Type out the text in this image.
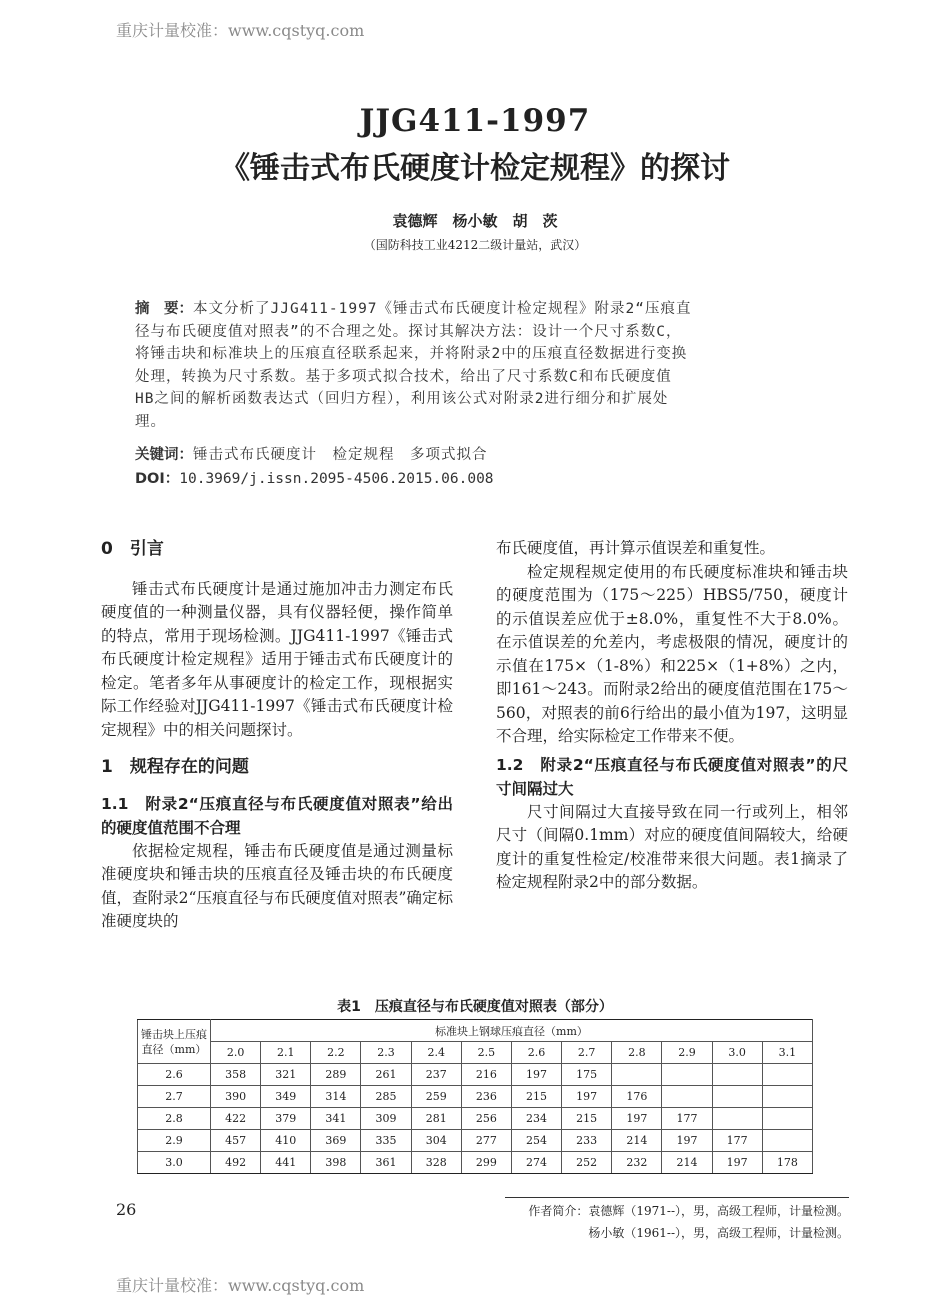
重庆计量校准：www.cqstyq.com
JJG411-1997
《锤击式布氏硬度计检定规程》的探讨
袁德辉　杨小敏　胡　茨
（国防科技工业4212二级计量站，武汉）
摘　要：本文分析了JJG411-1997《锤击式布氏硬度计检定规程》附录2“压痕直
径与布氏硬度值对照表”的不合理之处。探讨其解决方法：设计一个尺寸系数C，
将锤击块和标准块上的压痕直径联系起来，并将附录2中的压痕直径数据进行变换
处理，转换为尺寸系数。基于多项式拟合技术，给出了尺寸系数C和布氏硬度值
HB之间的解析函数表达式（回归方程），利用该公式对附录2进行细分和扩展处
理。
关键词：锤击式布氏硬度计　检定规程　多项式拟合
DOI：10.3969/j.issn.2095-4506.2015.06.008

0　引言

锤击式布氏硬度计是通过施加冲击力测定布氏硬度值的一种测量仪器，具有仪器轻便，操作简单的特点，常用于现场检测。JJG411-1997《锤击式布氏硬度计检定规程》适用于锤击式布氏硬度计的检定。笔者多年从事硬度计的检定工作，现根据实际工作经验对JJG411-1997《锤击式布氏硬度计检定规程》中的相关问题探讨。

1　规程存在的问题

1.1　附录2“压痕直径与布氏硬度值对照表”给出的硬度值范围不合理

依据检定规程，锤击布氏硬度值是通过测量标准硬度块和锤击块的压痕直径及锤击块的布氏硬度值，查附录2“压痕直径与布氏硬度值对照表”确定标准硬度块的

布氏硬度值，再计算示值误差和重复性。

检定规程规定使用的布氏硬度标准块和锤击块的硬度范围为（175～225）HBS5/750，硬度计的示值误差应优于±8.0%，重复性不大于8.0%。在示值误差的允差内，考虑极限的情况，硬度计的示值在175×（1-8%）和225×（1+8%）之内，即161～243。而附录2给出的硬度值范围在175～560，对照表的前6行给出的最小值为197，这明显不合理，给实际检定工作带来不便。

1.2　附录2“压痕直径与布氏硬度值对照表”的尺寸间隔过大

尺寸间隔过大直接导致在同一行或列上，相邻尺寸（间隔0.1mm）对应的硬度值间隔较大，给硬度计的重复性检定/校准带来很大问题。表1摘录了检定规程附录2中的部分数据。

表1　压痕直径与布氏硬度值对照表（部分）
锤击块上压痕直径（mm）	标准块上钢球压痕直径（mm）											
	2.0	2.1	2.2	2.3	2.4	2.5	2.6	2.7	2.8	2.9	3.0	3.1
2.6	358	321	289	261	237	216	197	175				
2.7	390	349	314	285	259	236	215	197	176			
2.8	422	379	341	309	281	256	234	215	197	177		
2.9	457	410	369	335	304	277	254	233	214	197	177	
3.0	492	441	398	361	328	299	274	252	232	214	197	178
26	作者简介：袁德辉（1971--），男，高级工程师，计量检测。
杨小敏（1961--），男，高级工程师，计量检测。
重庆计量校准：www.cqstyq.com
